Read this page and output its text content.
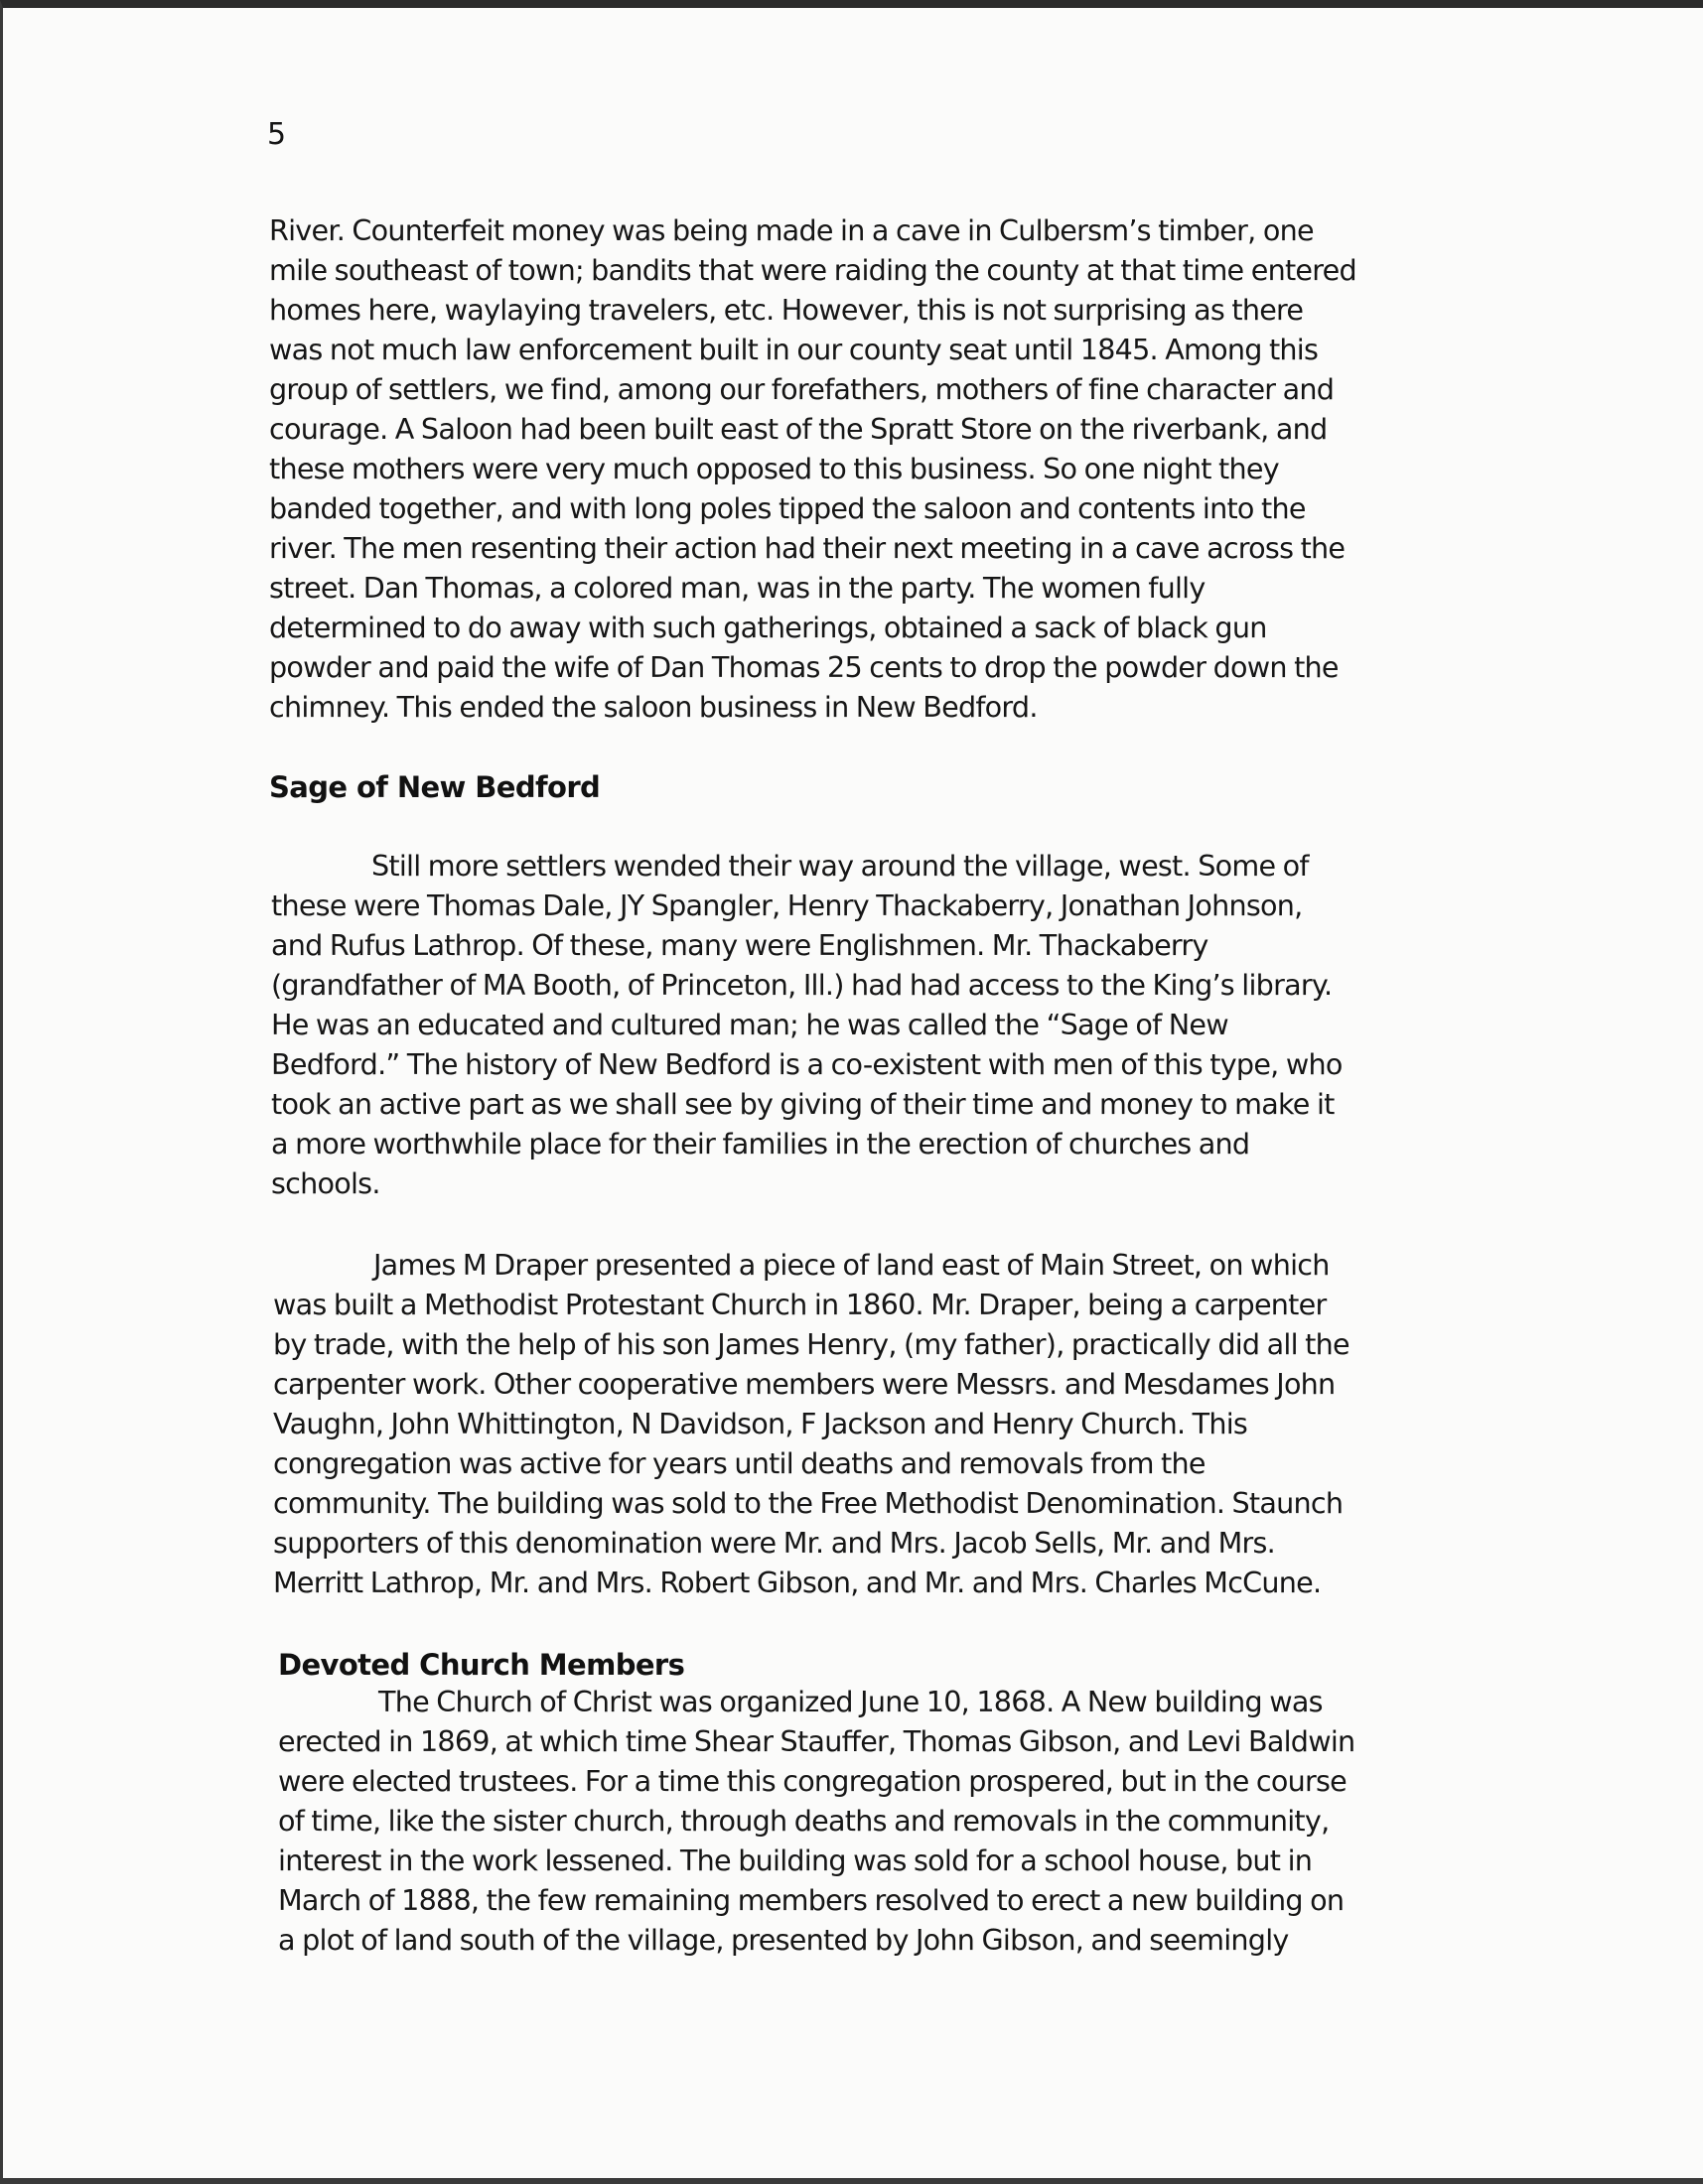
5
River. Counterfeit money was being made in a cave in Culbersm’s timber, one
mile southeast of town; bandits that were raiding the county at that time entered
homes here, waylaying travelers, etc. However, this is not surprising as there
was not much law enforcement built in our county seat until 1845. Among this
group of settlers, we find, among our forefathers, mothers of fine character and
courage. A Saloon had been built east of the Spratt Store on the riverbank, and
these mothers were very much opposed to this business. So one night they
banded together, and with long poles tipped the saloon and contents into the
river. The men resenting their action had their next meeting in a cave across the
street. Dan Thomas, a colored man, was in the party. The women fully
determined to do away with such gatherings, obtained a sack of black gun
powder and paid the wife of Dan Thomas 25 cents to drop the powder down the
chimney. This ended the saloon business in New Bedford.
Sage of New Bedford
Still more settlers wended their way around the village, west. Some of
these were Thomas Dale, JY Spangler, Henry Thackaberry, Jonathan Johnson,
and Rufus Lathrop. Of these, many were Englishmen. Mr. Thackaberry
(grandfather of MA Booth, of Princeton, Ill.) had had access to the King’s library.
He was an educated and cultured man; he was called the “Sage of New
Bedford.” The history of New Bedford is a co-existent with men of this type, who
took an active part as we shall see by giving of their time and money to make it
a more worthwhile place for their families in the erection of churches and
schools.
James M Draper presented a piece of land east of Main Street, on which
was built a Methodist Protestant Church in 1860. Mr. Draper, being a carpenter
by trade, with the help of his son James Henry, (my father), practically did all the
carpenter work. Other cooperative members were Messrs. and Mesdames John
Vaughn, John Whittington, N Davidson, F Jackson and Henry Church. This
congregation was active for years until deaths and removals from the
community. The building was sold to the Free Methodist Denomination. Staunch
supporters of this denomination were Mr. and Mrs. Jacob Sells, Mr. and Mrs.
Merritt Lathrop, Mr. and Mrs. Robert Gibson, and Mr. and Mrs. Charles McCune.
Devoted Church Members
The Church of Christ was organized June 10, 1868. A New building was
erected in 1869, at which time Shear Stauffer, Thomas Gibson, and Levi Baldwin
were elected trustees. For a time this congregation prospered, but in the course
of time, like the sister church, through deaths and removals in the community,
interest in the work lessened. The building was sold for a school house, but in
March of 1888, the few remaining members resolved to erect a new building on
a plot of land south of the village, presented by John Gibson, and seemingly
